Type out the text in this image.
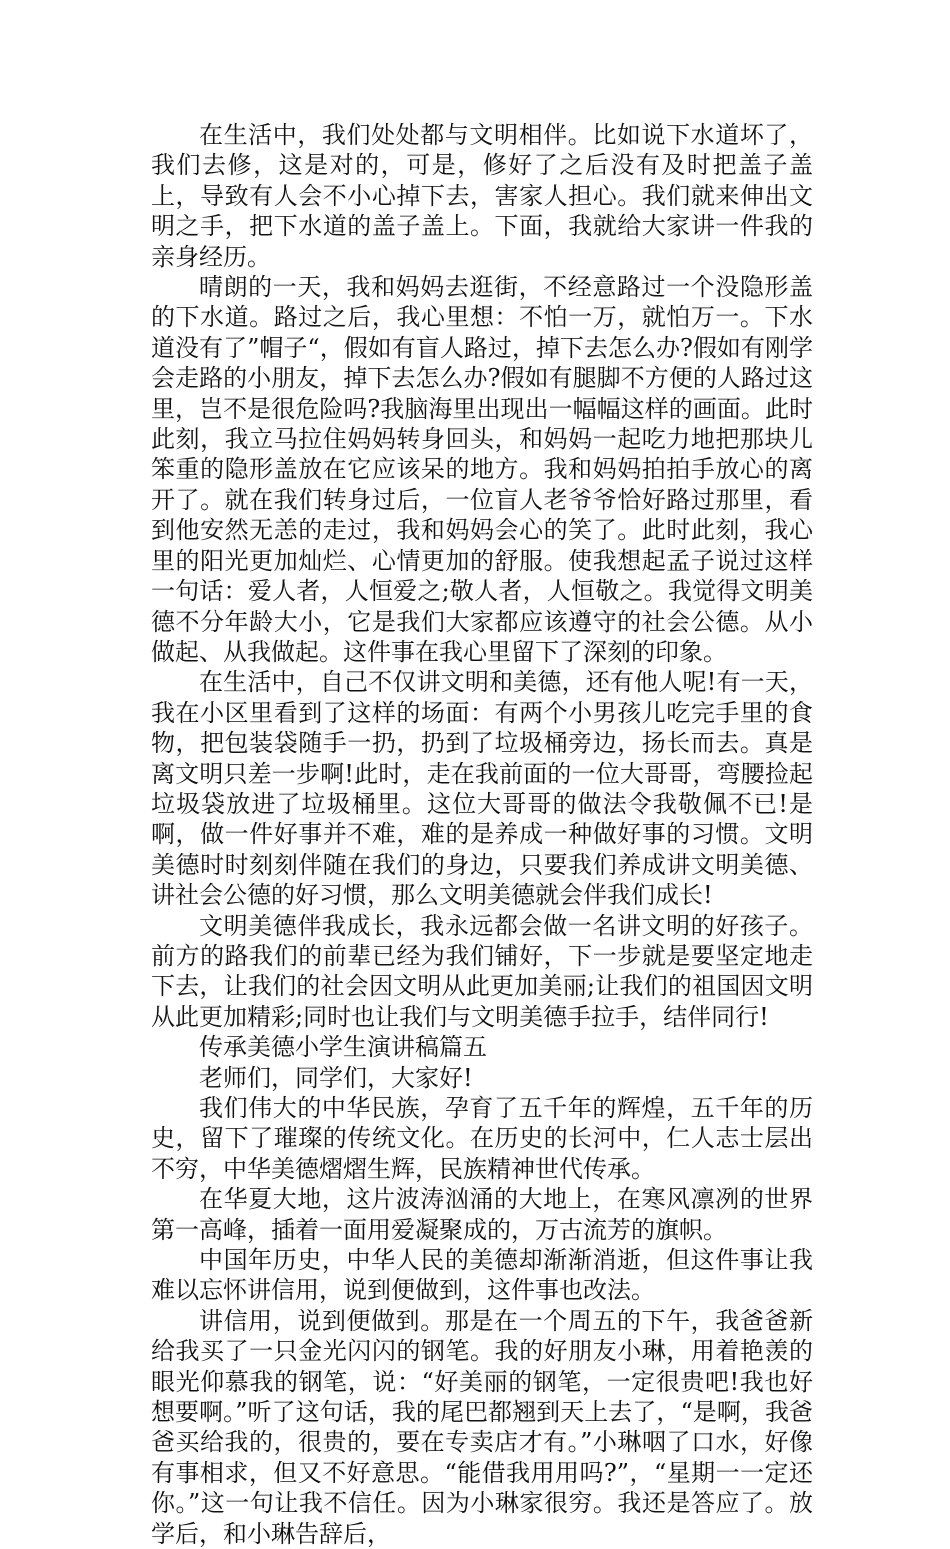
在生活中，我们处处都与文明相伴。比如说下水道坏了，我们去修，这是对的，可是，修好了之后没有及时把盖子盖上，导致有人会不小心掉下去，害家人担心。我们就来伸出文明之手，把下水道的盖子盖上。下面，我就给大家讲一件我的亲身经历。

晴朗的一天，我和妈妈去逛街，不经意路过一个没隐形盖的下水道。路过之后，我心里想：不怕一万，就怕万一。下水道没有了”帽子“，假如有盲人路过，掉下去怎么办?假如有刚学会走路的小朋友，掉下去怎么办?假如有腿脚不方便的人路过这里，岂不是很危险吗?我脑海里出现出一幅幅这样的画面。此时此刻，我立马拉住妈妈转身回头，和妈妈一起吃力地把那块儿笨重的隐形盖放在它应该呆的地方。我和妈妈拍拍手放心的离开了。就在我们转身过后，一位盲人老爷爷恰好路过那里，看到他安然无恙的走过，我和妈妈会心的笑了。此时此刻，我心里的阳光更加灿烂、心情更加的舒服。使我想起孟子说过这样一句话：爱人者，人恒爱之;敬人者，人恒敬之。我觉得文明美德不分年龄大小，它是我们大家都应该遵守的社会公德。从小做起、从我做起。这件事在我心里留下了深刻的印象。

在生活中，自己不仅讲文明和美德，还有他人呢!有一天，我在小区里看到了这样的场面：有两个小男孩儿吃完手里的食物，把包装袋随手一扔，扔到了垃圾桶旁边，扬长而去。真是离文明只差一步啊!此时，走在我前面的一位大哥哥，弯腰捡起垃圾袋放进了垃圾桶里。这位大哥哥的做法令我敬佩不已!是啊，做一件好事并不难，难的是养成一种做好事的习惯。文明美德时时刻刻伴随在我们的身边，只要我们养成讲文明美德、讲社会公德的好习惯，那么文明美德就会伴我们成长!

文明美德伴我成长，我永远都会做一名讲文明的好孩子。前方的路我们的前辈已经为我们铺好，下一步就是要坚定地走下去，让我们的社会因文明从此更加美丽;让我们的祖国因文明从此更加精彩;同时也让我们与文明美德手拉手，结伴同行!

传承美德小学生演讲稿篇五

老师们，同学们，大家好!

我们伟大的中华民族，孕育了五千年的辉煌，五千年的历史，留下了璀璨的传统文化。在历史的长河中，仁人志士层出不穷，中华美德熠熠生辉，民族精神世代传承。

在华夏大地，这片波涛汹涌的大地上，在寒风凛冽的世界第一高峰，插着一面用爱凝聚成的，万古流芳的旗帜。

中国年历史，中华人民的美德却渐渐消逝，但这件事让我难以忘怀讲信用，说到便做到，这件事也改法。

讲信用，说到便做到。那是在一个周五的下午，我爸爸新给我买了一只金光闪闪的钢笔。我的好朋友小琳，用着艳羡的眼光仰慕我的钢笔，说：“好美丽的钢笔，一定很贵吧!我也好想要啊。”听了这句话，我的尾巴都翘到天上去了，“是啊，我爸爸买给我的，很贵的，要在专卖店才有。”小琳咽了口水，好像有事相求，但又不好意思。“能借我用用吗?”，“星期一一定还你。”这一句让我不信任。因为小琳家很穷。我还是答应了。放学后，和小琳告辞后，
